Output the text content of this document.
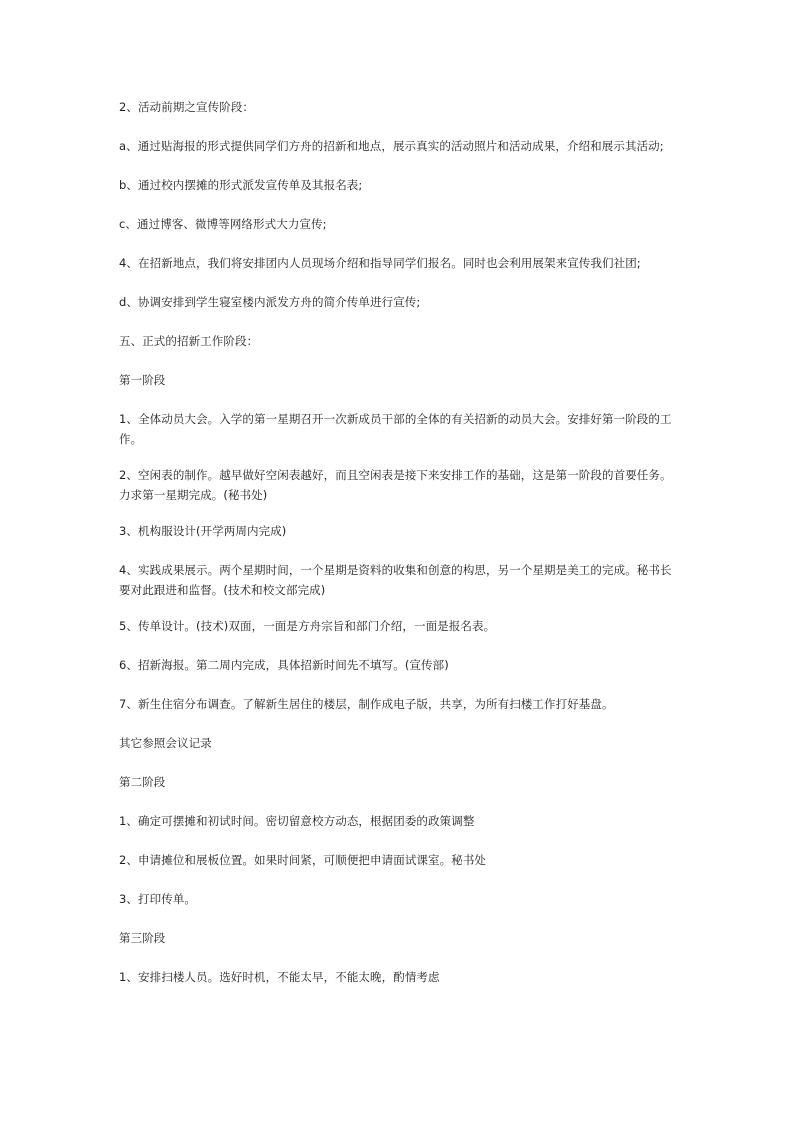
2、活动前期之宣传阶段：

a、通过贴海报的形式提供同学们方舟的招新和地点，展示真实的活动照片和活动成果，介绍和展示其活动;

b、通过校内摆摊的形式派发宣传单及其报名表;

c、通过博客、微博等网络形式大力宣传;

4、在招新地点，我们将安排团内人员现场介绍和指导同学们报名。同时也会利用展架来宣传我们社团;

d、协调安排到学生寝室楼内派发方舟的简介传单进行宣传;

五、正式的招新工作阶段：

第一阶段

1、全体动员大会。入学的第一星期召开一次新成员干部的全体的有关招新的动员大会。安排好第一阶段的工作。

2、空闲表的制作。越早做好空闲表越好，而且空闲表是接下来安排工作的基础，这是第一阶段的首要任务。力求第一星期完成。(秘书处)

3、机构服设计(开学两周内完成)

4、实践成果展示。两个星期时间，一个星期是资料的收集和创意的构思，另一个星期是美工的完成。秘书长要对此跟进和监督。(技术和校文部完成)

5、传单设计。(技术)双面，一面是方舟宗旨和部门介绍，一面是报名表。

6、招新海报。第二周内完成，具体招新时间先不填写。(宣传部)

7、新生住宿分布调查。了解新生居住的楼层，制作成电子版，共享，为所有扫楼工作打好基盘。

其它参照会议记录

第二阶段

1、确定可摆摊和初试时间。密切留意校方动态，根据团委的政策调整

2、申请摊位和展板位置。如果时间紧，可顺便把申请面试课室。秘书处

3、打印传单。

第三阶段

1、安排扫楼人员。选好时机，不能太早，不能太晚，酌情考虑
